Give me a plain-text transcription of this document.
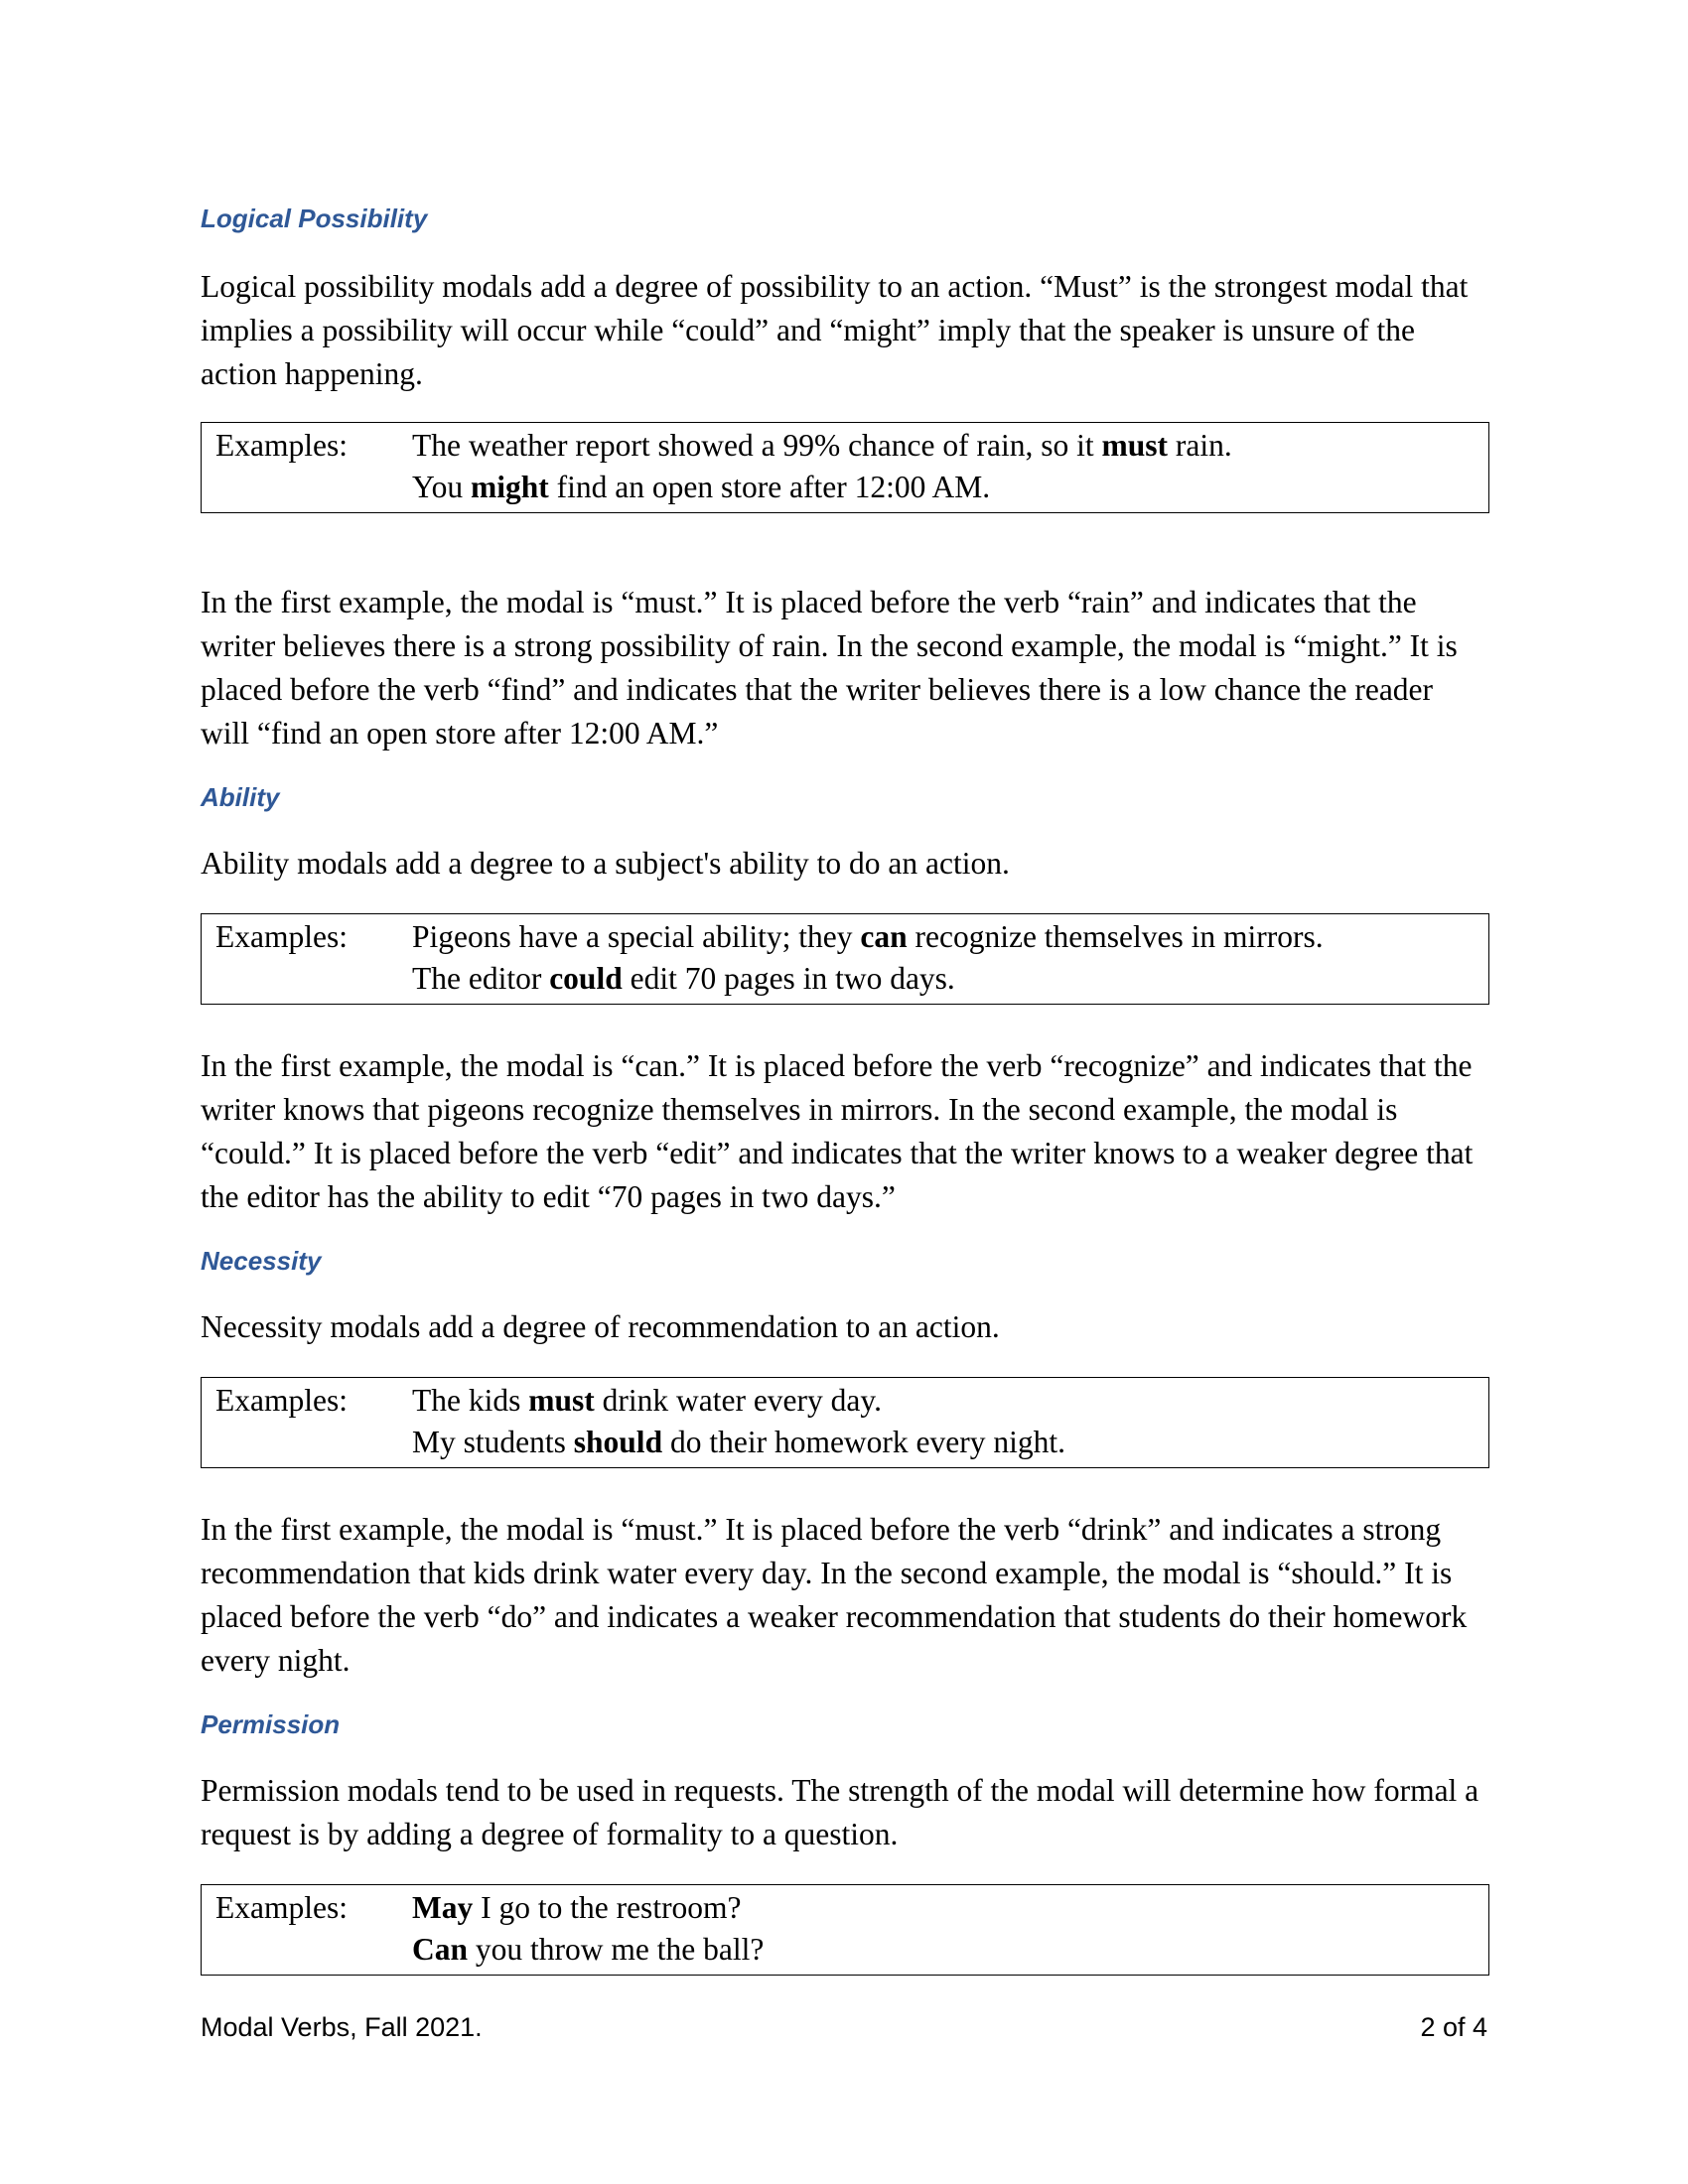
Logical Possibility

Logical possibility modals add a degree of possibility to an action. “Must” is the strongest modal that implies a possibility will occur while “could” and “might” imply that the speaker is unsure of the action happening.

Examples:	The weather report showed a 99% chance of rain, so it must rain.
You might find an open store after 12:00 AM.

In the first example, the modal is “must.” It is placed before the verb “rain” and indicates that the writer believes there is a strong possibility of rain. In the second example, the modal is “might.” It is placed before the verb “find” and indicates that the writer believes there is a low chance the reader will “find an open store after 12:00 AM.”

Ability

Ability modals add a degree to a subject's ability to do an action.

Examples:	Pigeons have a special ability; they can recognize themselves in mirrors.
The editor could edit 70 pages in two days.

In the first example, the modal is “can.” It is placed before the verb “recognize” and indicates that the writer knows that pigeons recognize themselves in mirrors. In the second example, the modal is “could.” It is placed before the verb “edit” and indicates that the writer knows to a weaker degree that the editor has the ability to edit “70 pages in two days.”

Necessity

Necessity modals add a degree of recommendation to an action.

Examples:	The kids must drink water every day.
My students should do their homework every night.

In the first example, the modal is “must.” It is placed before the verb “drink” and indicates a strong recommendation that kids drink water every day. In the second example, the modal is “should.” It is placed before the verb “do” and indicates a weaker recommendation that students do their homework every night.

Permission

Permission modals tend to be used in requests. The strength of the modal will determine how formal a request is by adding a degree of formality to a question.

Examples:	May I go to the restroom?
Can you throw me the ball?
Modal Verbs, Fall 2021.	2 of 4
